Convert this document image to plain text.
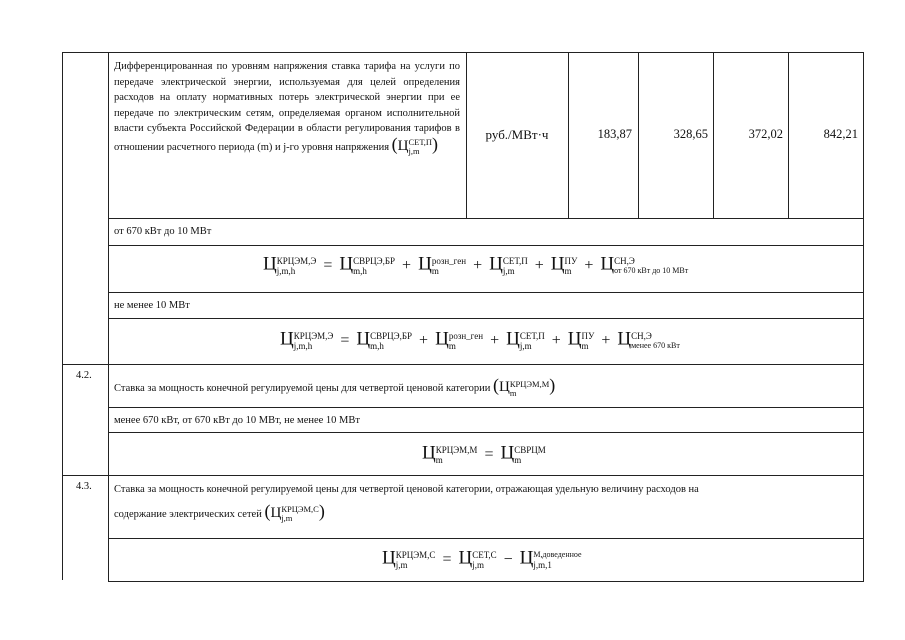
Дифференцированная по уровням напряжения ставка тарифа на услуги по передаче электрической энергии, используемая для целей определения расходов на оплату нормативных потерь электрической энергии при ее передаче по электрическим сетям, определяемая органом исполнительной власти субъекта Российской Федерации в области регулирования тарифов в отношении расчетного периода (m) и j-го уровня напряжения (Ц СЕТ,П
j,m )	руб./МВт·ч	183,87	328,65	372,02	842,21
от 670 кВт до 10 МВт
Ц КРЦЭМ,Э
j,m,h	= Ц СВРЦЭ,БР
m,h	+ Ц розн_ген
m	+ Ц СЕТ,П
j,m	+ Ц ПУ
m + Ц СН,Э
от 670 кВт до 10 МВт
не менее 10 МВт
Ц КРЦЭМ,Э
j,m,h	= Ц СВРЦЭ,БР
m,h	+ Ц розн_ген
m	+ Ц СЕТ,П
j,m	+ Ц ПУ
m + Ц СН,Э
менее 670 кВт
4.2.
Ставка за мощность конечной регулируемой цены для четвертой ценовой категории (Ц КРЦЭМ,М
m	)
менее 670 кВт, от 670 кВт до 10 МВт, не менее 10 МВт
Ц КРЦЭМ,М
m	= Ц СВРЦМ
m
4.3. Ставка за мощность конечной регулируемой цены для четвертой ценовой категории, отражающая удельную величину расходов на
содержание электрических сетей (Ц КРЦЭМ,С
j,m	)
Ц КРЦЭМ,С
j,m	= Ц СЕТ,С
j,m	− Ц М,доведенное
j,m,1
